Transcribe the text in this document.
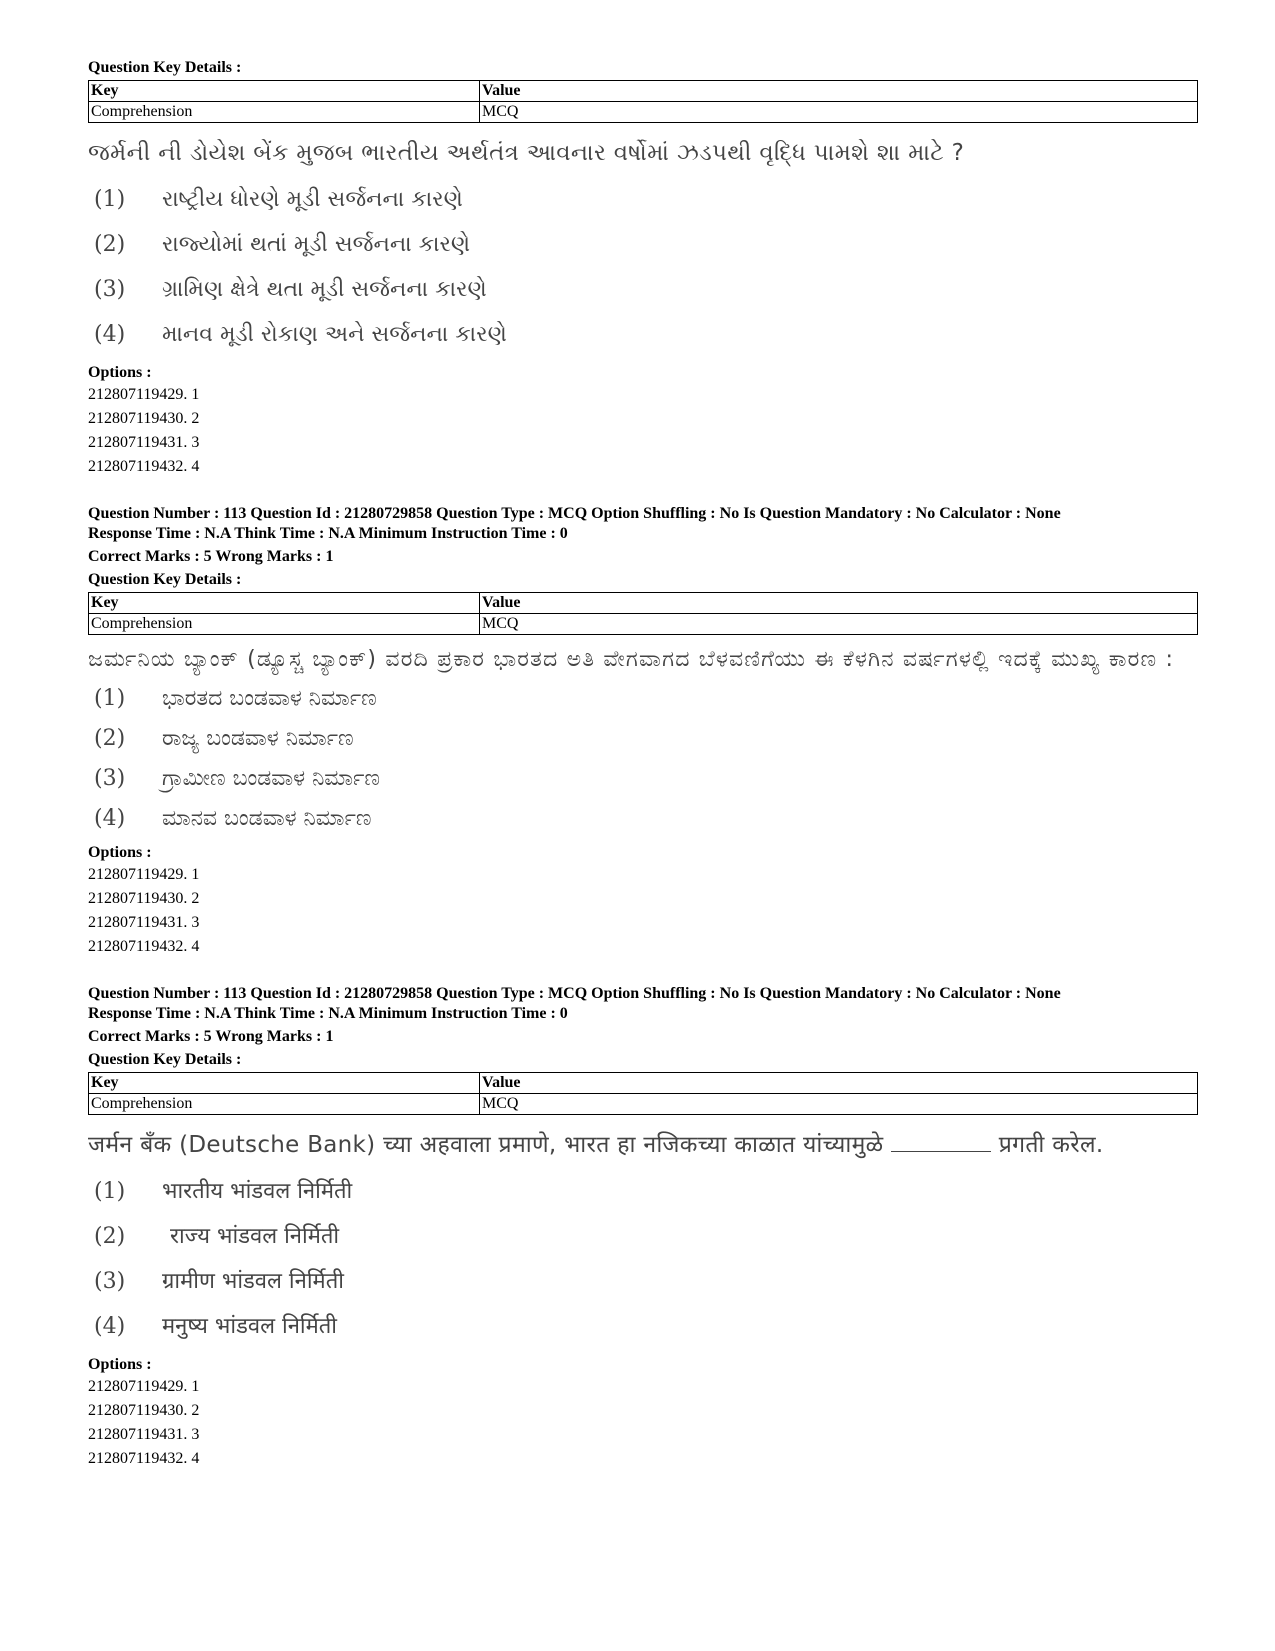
Question Key Details :
Key	Value
Comprehension	MCQ
જર્મની ની ડોયેશ બેંક મુજબ ભારતીય અર્થતંત્ર આવનાર વર્ષોમાં ઝડપથી વૃદ્ધિ પામશે શા માટે ?
(1)	રાષ્ટ્રીય ધોરણે મૂડી સર્જનના કારણે
(2)	રાજ્યોમાં થતાં મૂડી સર્જનના કારણે
(3)	ગ્રામિણ ક્ષેત્રે થતા મૂડી સર્જનના કારણે
(4)	માનવ મૂડી રોકાણ અને સર્જનના કારણે
Options :
212807119429. 1
212807119430. 2
212807119431. 3
212807119432. 4
Question Number : 113 Question Id : 21280729858 Question Type : MCQ Option Shuffling : No Is Question Mandatory : No Calculator : None
Response Time : N.A Think Time : N.A Minimum Instruction Time : 0
Correct Marks : 5 Wrong Marks : 1
Question Key Details :
Key	Value
Comprehension	MCQ
ಜರ್ಮನಿಯ ಬ್ಯಾಂಕ್ (ಡ್ಯೂಸ್ಚ ಬ್ಯಾಂಕ್) ವರದಿ ಪ್ರಕಾರ ಭಾರತದ ಅತಿ ವೇಗವಾಗದ ಬೆಳವಣಿಗೆಯು ಈ ಕೆಳಗಿನ ವರ್ಷಗಳಲ್ಲಿ ಇದಕ್ಕೆ ಮುಖ್ಯ ಕಾರಣ :
(1)	ಭಾರತದ ಬಂಡವಾಳ ನಿರ್ಮಾಣ
(2)	ರಾಜ್ಯ ಬಂಡವಾಳ ನಿರ್ಮಾಣ
(3)	ಗ್ರಾಮೀಣ ಬಂಡವಾಳ ನಿರ್ಮಾಣ
(4)	ಮಾನವ ಬಂಡವಾಳ ನಿರ್ಮಾಣ
Options :
212807119429. 1
212807119430. 2
212807119431. 3
212807119432. 4
Question Number : 113 Question Id : 21280729858 Question Type : MCQ Option Shuffling : No Is Question Mandatory : No Calculator : None
Response Time : N.A Think Time : N.A Minimum Instruction Time : 0
Correct Marks : 5 Wrong Marks : 1
Question Key Details :
Key	Value
Comprehension	MCQ
जर्मन बँक (Deutsche Bank) च्या अहवाला प्रमाणे, भारत हा नजिकच्या काळात यांच्यामुळे	प्रगती करेल.
(1)	भारतीय भांडवल निर्मिती
(2)	राज्य भांडवल निर्मिती
(3)	ग्रामीण भांडवल निर्मिती
(4)	मनुष्य भांडवल निर्मिती
Options :
212807119429. 1
212807119430. 2
212807119431. 3
212807119432. 4
